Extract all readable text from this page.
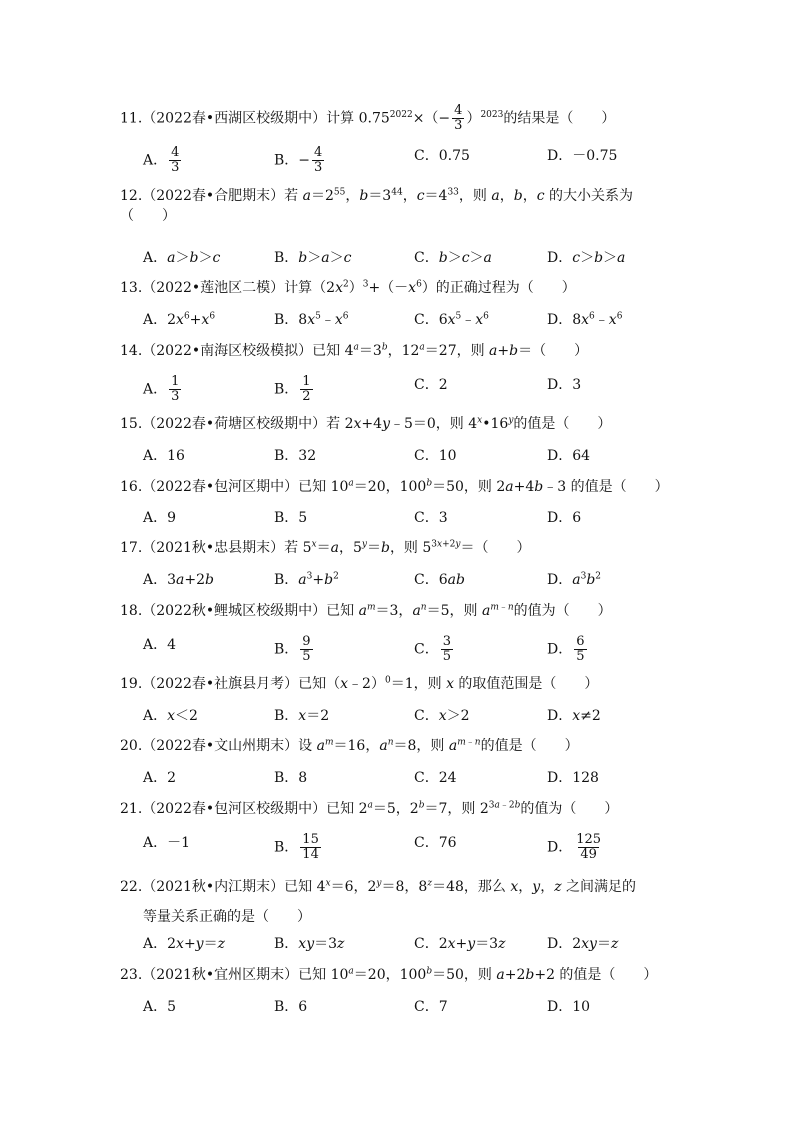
11.（2022春•西湖区校级期中）计算 $0.75^{2022}\times(- \frac{4}{3} )^{2023}$的结果是（　　）
A． $\frac{4}{3}$	B．− $\frac{4}{3}$	C．0.75	D．－0.75
12.（2022春•合肥期末）若 $a=2^{55}$，$b=3^{44}$，$c=4^{33}$，则 a，b，c 的大小关系为
（　　）
A．a＞b＞c	B．b＞a＞c	C．b＞c＞a	D．c＞b＞a
13.（2022•莲池区二模）计算$(2x^2)^3+(-x^6)$的正确过程为（　　）
A．$2x^6+x^6$	B．$8x^5﹣x^6$	C．$6x^5﹣x^6$	D．$8x^6﹣x^6$
14.（2022•南海区校级模拟）已知 $4^a=3^b$，$12^a=27$，则 a+b＝（　　）
A． $\frac{1}{3}$	B． $\frac{1}{2}$	C．2	D．3
15.（2022春•荷塘区校级期中）若 2x+4y﹣5＝0，则 4$^x$•16$^y$的值是（　　）
A．16	B．32	C．10	D．64
16.（2022春•包河区期中）已知 $10^a=20$，$100^b=50$，则 2a+4b﹣3 的值是（　　）
A．9	B．5	C．3	D．6
17.（2021秋•忠县期末）若 $5^x=a$，$5^y=b$，则 $5^{3x+2y}=$（　　）
A．3a+2b	B．$a^3+b^2$	C．6ab	D．$a^3b^2$
18.（2022秋•鲤城区校级期中）已知 $a^m=3$，$a^n=5$，则 $a^{m﹣n}$的值为（　　）
A．4	B． $\frac{9}{5}$	C． $\frac{3}{5}$	D． $\frac{6}{5}$
19.（2022春•社旗县月考）已知（x﹣2）$^0$＝1，则 x 的取值范围是（　　）
A．x＜2	B．x＝2	C．x＞2	D．x≠2
20.（2022春•文山州期末）设 $a^m=16$，$a^n=8$，则 $a^{m﹣n}$的值是（　　）
A．2	B．8	C．24	D．128
21.（2022春•包河区校级期中）已知 $2^a=5$，$2^b=7$，则 $2^{3a﹣2b}$的值为（　　）
A．－1	B． $\frac{15}{14}$	C．76	D． $\frac{125}{49}$
22.（2021秋•内江期末）已知 $4^x=6$，$2^y=8$，$8^z=48$，那么 x，y，z 之间满足的
等量关系正确的是（　　）
A．2x+y＝z	B．xy＝3z	C．2x+y＝3z	D．2xy＝z
23.（2021秋•宜州区期末）已知 $10^a=20$，$100^b=50$，则 a+2b+2 的值是（　　）
A．5	B．6	C．7	D．10
